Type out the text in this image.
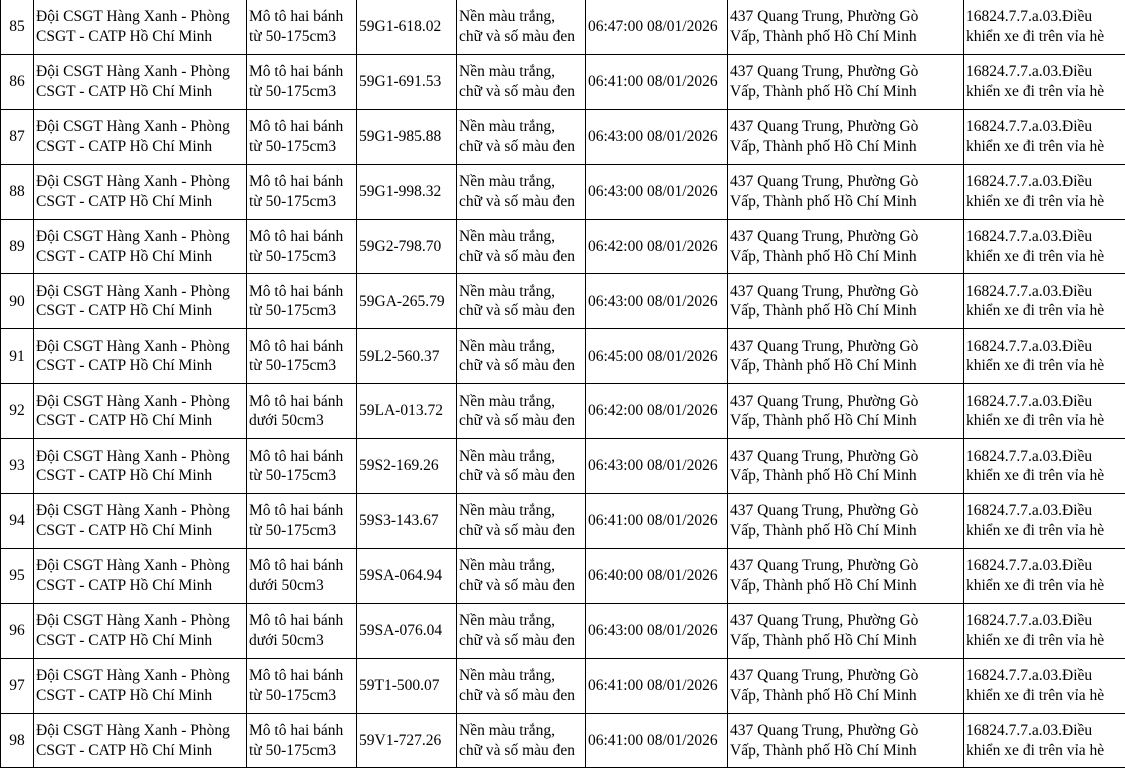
85	Đội CSGT Hàng Xanh - Phòng
CSGT - CATP Hồ Chí Minh	Mô tô hai bánh
từ 50-175cm3	59G1-618.02	Nền màu trắng,
chữ và số màu đen	06:47:00 08/01/2026	437 Quang Trung, Phường Gò
Vấp, Thành phố Hồ Chí Minh	16824.7.7.a.03.Điều
khiển xe đi trên vỉa hè

86	Đội CSGT Hàng Xanh - Phòng
CSGT - CATP Hồ Chí Minh	Mô tô hai bánh
từ 50-175cm3	59G1-691.53	Nền màu trắng,
chữ và số màu đen	06:41:00 08/01/2026	437 Quang Trung, Phường Gò
Vấp, Thành phố Hồ Chí Minh	16824.7.7.a.03.Điều
khiển xe đi trên vỉa hè

87	Đội CSGT Hàng Xanh - Phòng
CSGT - CATP Hồ Chí Minh	Mô tô hai bánh
từ 50-175cm3	59G1-985.88	Nền màu trắng,
chữ và số màu đen	06:43:00 08/01/2026	437 Quang Trung, Phường Gò
Vấp, Thành phố Hồ Chí Minh	16824.7.7.a.03.Điều
khiển xe đi trên vỉa hè

88	Đội CSGT Hàng Xanh - Phòng
CSGT - CATP Hồ Chí Minh	Mô tô hai bánh
từ 50-175cm3	59G1-998.32	Nền màu trắng,
chữ và số màu đen	06:43:00 08/01/2026	437 Quang Trung, Phường Gò
Vấp, Thành phố Hồ Chí Minh	16824.7.7.a.03.Điều
khiển xe đi trên vỉa hè

89	Đội CSGT Hàng Xanh - Phòng
CSGT - CATP Hồ Chí Minh	Mô tô hai bánh
từ 50-175cm3	59G2-798.70	Nền màu trắng,
chữ và số màu đen	06:42:00 08/01/2026	437 Quang Trung, Phường Gò
Vấp, Thành phố Hồ Chí Minh	16824.7.7.a.03.Điều
khiển xe đi trên vỉa hè

90	Đội CSGT Hàng Xanh - Phòng
CSGT - CATP Hồ Chí Minh	Mô tô hai bánh
từ 50-175cm3	59GA-265.79	Nền màu trắng,
chữ và số màu đen	06:43:00 08/01/2026	437 Quang Trung, Phường Gò
Vấp, Thành phố Hồ Chí Minh	16824.7.7.a.03.Điều
khiển xe đi trên vỉa hè

91	Đội CSGT Hàng Xanh - Phòng
CSGT - CATP Hồ Chí Minh	Mô tô hai bánh
từ 50-175cm3	59L2-560.37	Nền màu trắng,
chữ và số màu đen	06:45:00 08/01/2026	437 Quang Trung, Phường Gò
Vấp, Thành phố Hồ Chí Minh	16824.7.7.a.03.Điều
khiển xe đi trên vỉa hè

92	Đội CSGT Hàng Xanh - Phòng
CSGT - CATP Hồ Chí Minh	Mô tô hai bánh
dưới 50cm3	59LA-013.72	Nền màu trắng,
chữ và số màu đen	06:42:00 08/01/2026	437 Quang Trung, Phường Gò
Vấp, Thành phố Hồ Chí Minh	16824.7.7.a.03.Điều
khiển xe đi trên vỉa hè

93	Đội CSGT Hàng Xanh - Phòng
CSGT - CATP Hồ Chí Minh	Mô tô hai bánh
từ 50-175cm3	59S2-169.26	Nền màu trắng,
chữ và số màu đen	06:43:00 08/01/2026	437 Quang Trung, Phường Gò
Vấp, Thành phố Hồ Chí Minh	16824.7.7.a.03.Điều
khiển xe đi trên vỉa hè

94	Đội CSGT Hàng Xanh - Phòng
CSGT - CATP Hồ Chí Minh	Mô tô hai bánh
từ 50-175cm3	59S3-143.67	Nền màu trắng,
chữ và số màu đen	06:41:00 08/01/2026	437 Quang Trung, Phường Gò
Vấp, Thành phố Hồ Chí Minh	16824.7.7.a.03.Điều
khiển xe đi trên vỉa hè

95	Đội CSGT Hàng Xanh - Phòng
CSGT - CATP Hồ Chí Minh	Mô tô hai bánh
dưới 50cm3	59SA-064.94	Nền màu trắng,
chữ và số màu đen	06:40:00 08/01/2026	437 Quang Trung, Phường Gò
Vấp, Thành phố Hồ Chí Minh	16824.7.7.a.03.Điều
khiển xe đi trên vỉa hè

96	Đội CSGT Hàng Xanh - Phòng
CSGT - CATP Hồ Chí Minh	Mô tô hai bánh
dưới 50cm3	59SA-076.04	Nền màu trắng,
chữ và số màu đen	06:43:00 08/01/2026	437 Quang Trung, Phường Gò
Vấp, Thành phố Hồ Chí Minh	16824.7.7.a.03.Điều
khiển xe đi trên vỉa hè

97	Đội CSGT Hàng Xanh - Phòng
CSGT - CATP Hồ Chí Minh	Mô tô hai bánh
từ 50-175cm3	59T1-500.07	Nền màu trắng,
chữ và số màu đen	06:41:00 08/01/2026	437 Quang Trung, Phường Gò
Vấp, Thành phố Hồ Chí Minh	16824.7.7.a.03.Điều
khiển xe đi trên vỉa hè

98	Đội CSGT Hàng Xanh - Phòng
CSGT - CATP Hồ Chí Minh	Mô tô hai bánh
từ 50-175cm3	59V1-727.26	Nền màu trắng,
chữ và số màu đen	06:41:00 08/01/2026	437 Quang Trung, Phường Gò
Vấp, Thành phố Hồ Chí Minh	16824.7.7.a.03.Điều
khiển xe đi trên vỉa hè
